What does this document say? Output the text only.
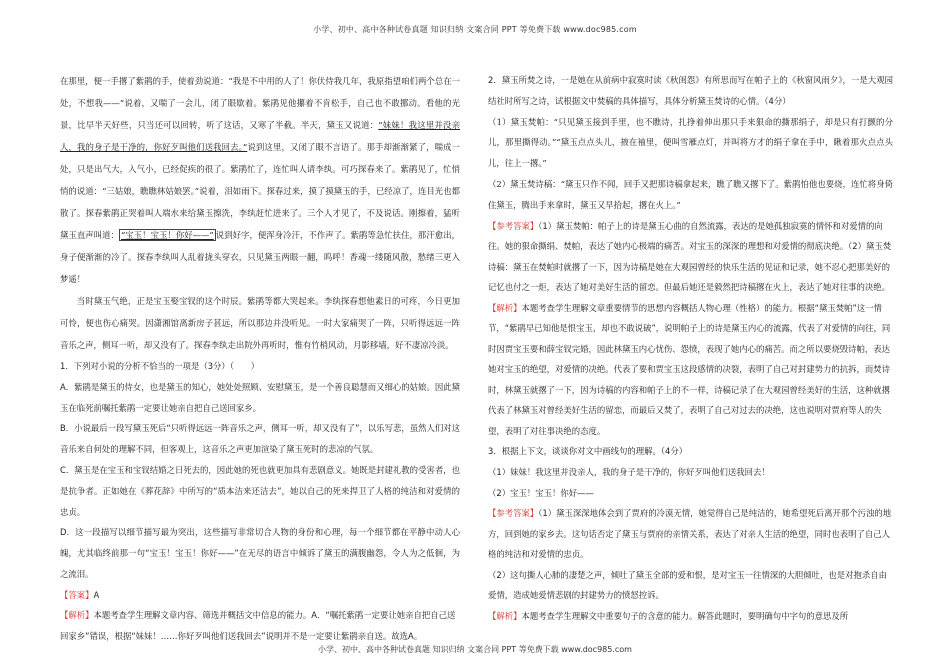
小学、初中、高中各种试卷真题 知识归纳 文案合同 PPT 等免费下载 www.doc985.com

在那里，便一手撂了紫鹃的手，使着劲说道：“我是不中用的人了！你伏侍我几年，我原指望咱们两个总在一处，不想我——”说着，又喘了一会儿，闭了眼歇着。紫鹃见他攥着不肯松手，自己也不敢挪动。看他的光景，比早半天好些，只当还可以回转，听了这话，又寒了半截。半天，黛玉又说道：“妹妹！我这里并没亲人，我的身子是干净的，你好歹叫他们送我回去。”说到这里，又闭了眼不言语了。那手却渐渐紧了，喘成一处，只是出气大，入气小，已经促疾的很了。紫鹃忙了，连忙叫人请李纨。可巧探春来了。紫鹃见了，忙悄悄的说道：“三姑娘，瞧瞧林姑娘罢。”说着，泪如雨下。探春过来，摸了摸黛玉的手，已经凉了，连目光也都散了。探春紫鹃正哭着叫人端水来给黛玉擦洗，李纨赶忙进来了。三个人才见了，不及说话。刚擦着，猛听黛玉直声叫道： “宝玉！宝玉！你好——” 说到好字，便浑身冷汗，不作声了。紫鹃等急忙扶住，那汗愈出，身子便渐渐的冷了。探春李纨叫人乱着拢头穿衣，只见黛玉两眼一翻，呜呼！香魂一缕随风散，愁绪三更入梦遥！

当时黛玉气绝，正是宝玉娶宝钗的这个时辰。紫鹃等都大哭起来。李纨探春想他素日的可疼，今日更加可怜，便也伤心痛哭。因潇湘馆离新房子甚远，所以那边并没听见。一时大家痛哭了一阵，只听得远远一阵音乐之声，侧耳一听，却又没有了。探春李纨走出院外再听时，惟有竹梢风动，月影移墙，好不凄凉冷淡。

1．下列对小说的分析不恰当的一项是（3分）（　　）

A．紫鹃是黛玉的侍女，也是黛玉的知心，她处处照顾、安慰黛玉，是一个善良聪慧而又细心的姑娘。因此黛玉在临死前嘱托紫鹃一定要让她亲自把自己送回家乡。

B．小说最后一段写黛玉死后“只听得远远一阵音乐之声，侧耳一听，却又没有了”，以乐写悲，虽然人们对这音乐来自何处的理解不同，但客观上，这音乐之声更加渲染了黛玉死时的悲凉的气氛。

C．黛玉是在宝玉和宝钗结婚之日死去的，因此她的死也就更加具有悲剧意义。她既是封建礼教的受害者，也是抗争者。正如她在《葬花辞》中所写的“质本洁来还洁去”，她以自己的死来捍卫了人格的纯洁和对爱情的忠贞。

D．这一段描写以细节描写最为突出，这些描写非常切合人物的身份和心理，每一个细节都在平静中动人心魄，尤其临终前那一句“宝玉！宝玉！你好——”在无尽的语言中倾诉了黛玉的满腹幽怨，令人为之低徊，为之流泪。

【答案】A

【解析】本题考查学生理解文章内容、筛选并概括文中信息的能力。A．“嘱托紫鹃一定要让她亲自把自己送回家乡”错误，根据“妹妹！……你好歹叫他们送我回去”说明并不是一定要让紫鹃亲自送。故选A。

2．黛玉所焚之诗，一是她在从前病中寂寞时读《秋闺怨》有所思而写在帕子上的《秋窗风雨夕》，一是大观园结社时所写之诗，试根据文中焚稿的具体描写，具体分析黛玉焚诗的心情。（4分）

（1）黛玉焚帕：“只见黛玉接到手里，也不瞧诗，扎挣着伸出那只手来狠命的撕那绢子，却是只有打颤的分儿，那里撕得动。”“黛玉点点头儿，掖在袖里，便叫雪雁点灯，并叫将方才的绢子拿在手中，瞅着那火点点头儿，往上一撂。”

（2）黛玉焚诗稿：“黛玉只作不闻，回手又把那诗稿拿起来，瞧了瞧又撂下了。紫鹃怕他也要烧，连忙将身倚住黛玉，腾出手来拿时，黛玉又早拾起，撂在火上。”

【参考答案】（1）黛玉焚帕：帕子上的诗是黛玉心曲的自然流露，表达的是她孤独寂寞的情怀和对爱情的向往。她的狠命撕绢、焚帕，表达了她内心极端的痛苦。对宝玉的深深的理想和对爱情的彻底决绝。（2）黛玉焚诗稿：黛玉在焚帕时就撂了一下，因为诗稿是她在大观园曾经的快乐生活的见证和记录，她不忍心把那美好的记忆也付之一炬，表达了她对美好生活的留恋。但最后她还是毅然把诗稿撂在火上，表达了她对往事的决绝。

【解析】本题考查学生理解文章重要情节的思想内容概括人物心理（性格）的能力。根据“黛玉焚帕”这一情节，“紫鹃早已知他是恨宝玉，却也不敢说破”，说明帕子上的诗是黛玉内心的流露，代表了对爱情的向往，同时因贾宝玉要和薛宝钗完婚，因此林黛玉内心忧伤、怨愤，表现了她内心的痛苦。而之所以要烧毁诗帕，表达她对宝玉的绝望，对爱情的决绝。代表了要和贾宝玉这段感情的决裂，表明了自己对封建势力的抗拆，而焚诗时，林黛玉就撂了一下，因为诗稿的内容和帕子上的不一样，诗稿记录了在大观园曾经美好的生活，这种就撂代表了林黛玉对曾经美好生活的留恋，而最后又焚了，表明了自己对过去的决绝，这也说明对贾府等人的失望，表明了对往事决绝的态度。

3．根据上下文，谈谈你对文中画线句的理解。（4分）

（1）妹妹！我这里并没亲人，我的身子是干净的，你好歹叫他们送我回去！

（2）宝玉！宝玉！你好——

【参考答案】（1）黛玉深深地体会到了贾府的冷漠无情，她觉得自己是纯洁的，她希望死后离开那个污浊的地方，回到她的家乡去。这句话否定了黛玉与贾府的亲情关系，表达了对亲人生活的绝望，同时也表明了自己人格的纯洁和对爱情的忠贞。

（2）这句撕人心肺的凄楚之声，倾吐了黛玉全部的爱和恨，是对宝玉一往情深的大胆倾吐，也是对抱杀自由爱情，造成她爱情悲剧的封建势力的愤怒控诉。

【解析】本题考查学生理解文中重要句子的含意的能力。解答此题时，要明确句中字句的意思及所

小学、初中、高中各种试卷真题 知识归纳 文案合同 PPT 等免费下载 www.doc985.com
